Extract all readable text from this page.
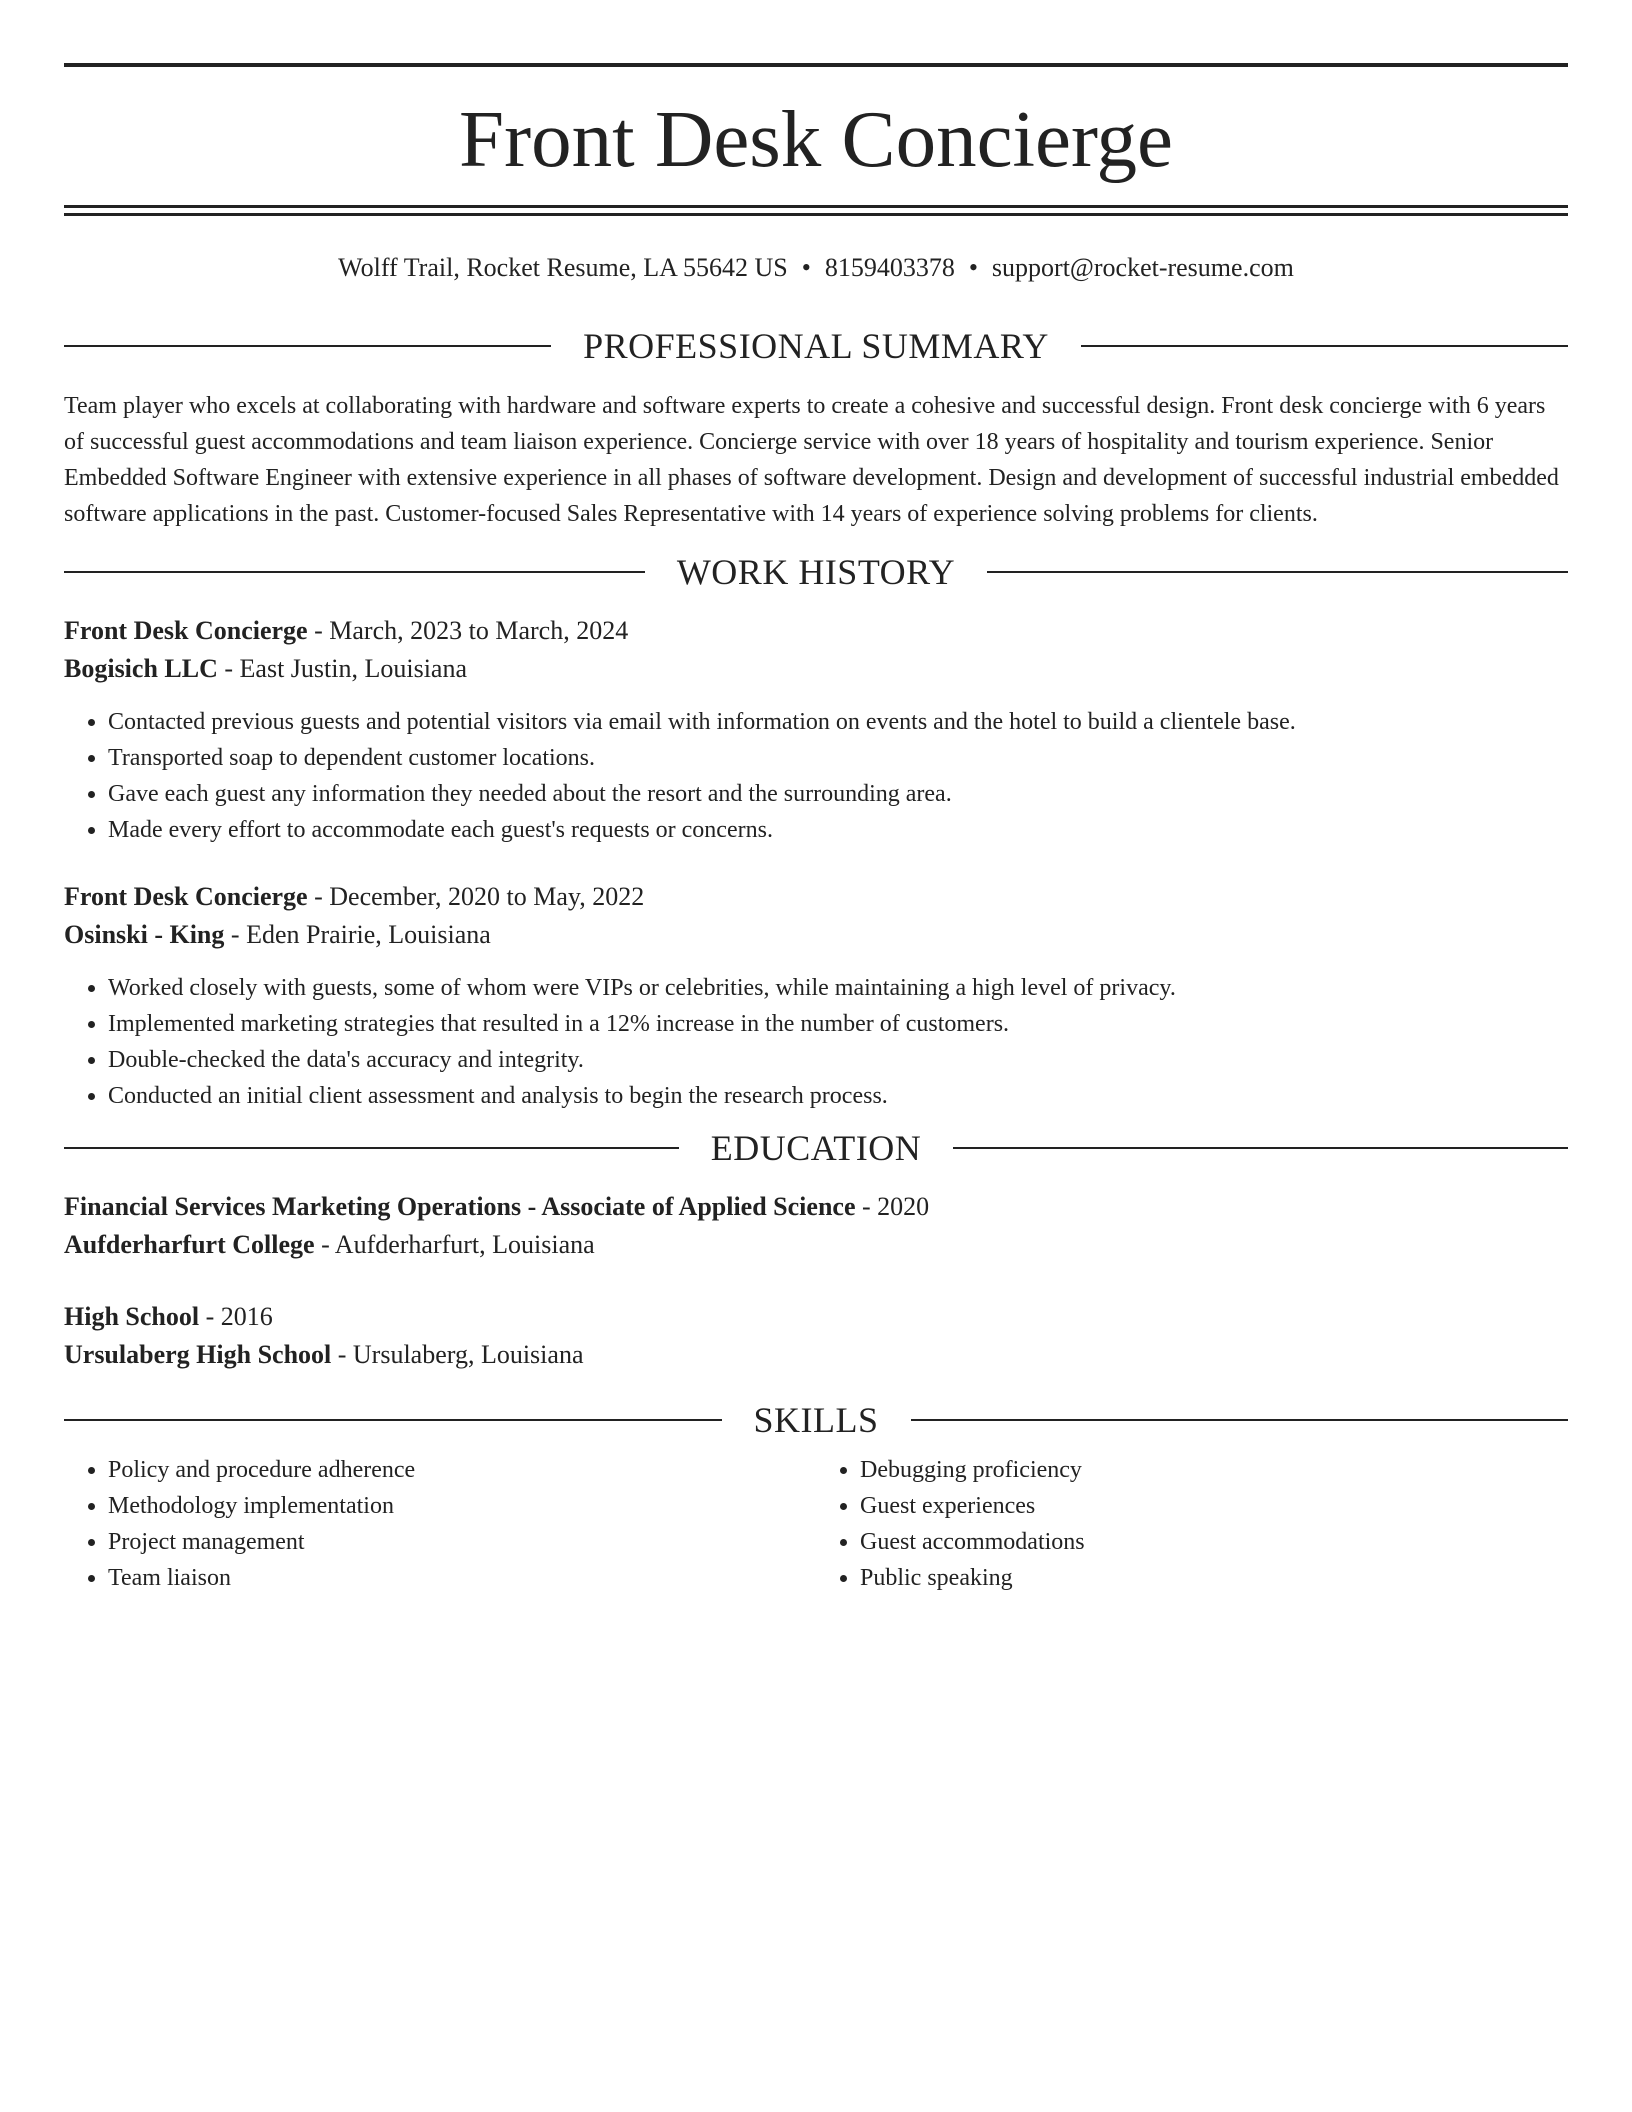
Front Desk Concierge
Wolff Trail, Rocket Resume, LA 55642 US • 8159403378 • support@rocket-resume.com
PROFESSIONAL SUMMARY
Team player who excels at collaborating with hardware and software experts to create a cohesive and successful design. Front desk concierge with 6 years of successful guest accommodations and team liaison experience. Concierge service with over 18 years of hospitality and tourism experience. Senior Embedded Software Engineer with extensive experience in all phases of software development. Design and development of successful industrial embedded software applications in the past. Customer-focused Sales Representative with 14 years of experience solving problems for clients.
WORK HISTORY
Front Desk Concierge - March, 2023 to March, 2024
Bogisich LLC - East Justin, Louisiana
• Contacted previous guests and potential visitors via email with information on events and the hotel to build a clientele base.
• Transported soap to dependent customer locations.
• Gave each guest any information they needed about the resort and the surrounding area.
• Made every effort to accommodate each guest's requests or concerns.
Front Desk Concierge - December, 2020 to May, 2022
Osinski - King - Eden Prairie, Louisiana
• Worked closely with guests, some of whom were VIPs or celebrities, while maintaining a high level of privacy.
• Implemented marketing strategies that resulted in a 12% increase in the number of customers.
• Double-checked the data's accuracy and integrity.
• Conducted an initial client assessment and analysis to begin the research process.
EDUCATION
Financial Services Marketing Operations - Associate of Applied Science - 2020
Aufderharfurt College - Aufderharfurt, Louisiana
High School - 2016
Ursulaberg High School - Ursulaberg, Louisiana
SKILLS
• Policy and procedure adherence
• Methodology implementation
• Project management
• Team liaison
• Debugging proficiency
• Guest experiences
• Guest accommodations
• Public speaking
